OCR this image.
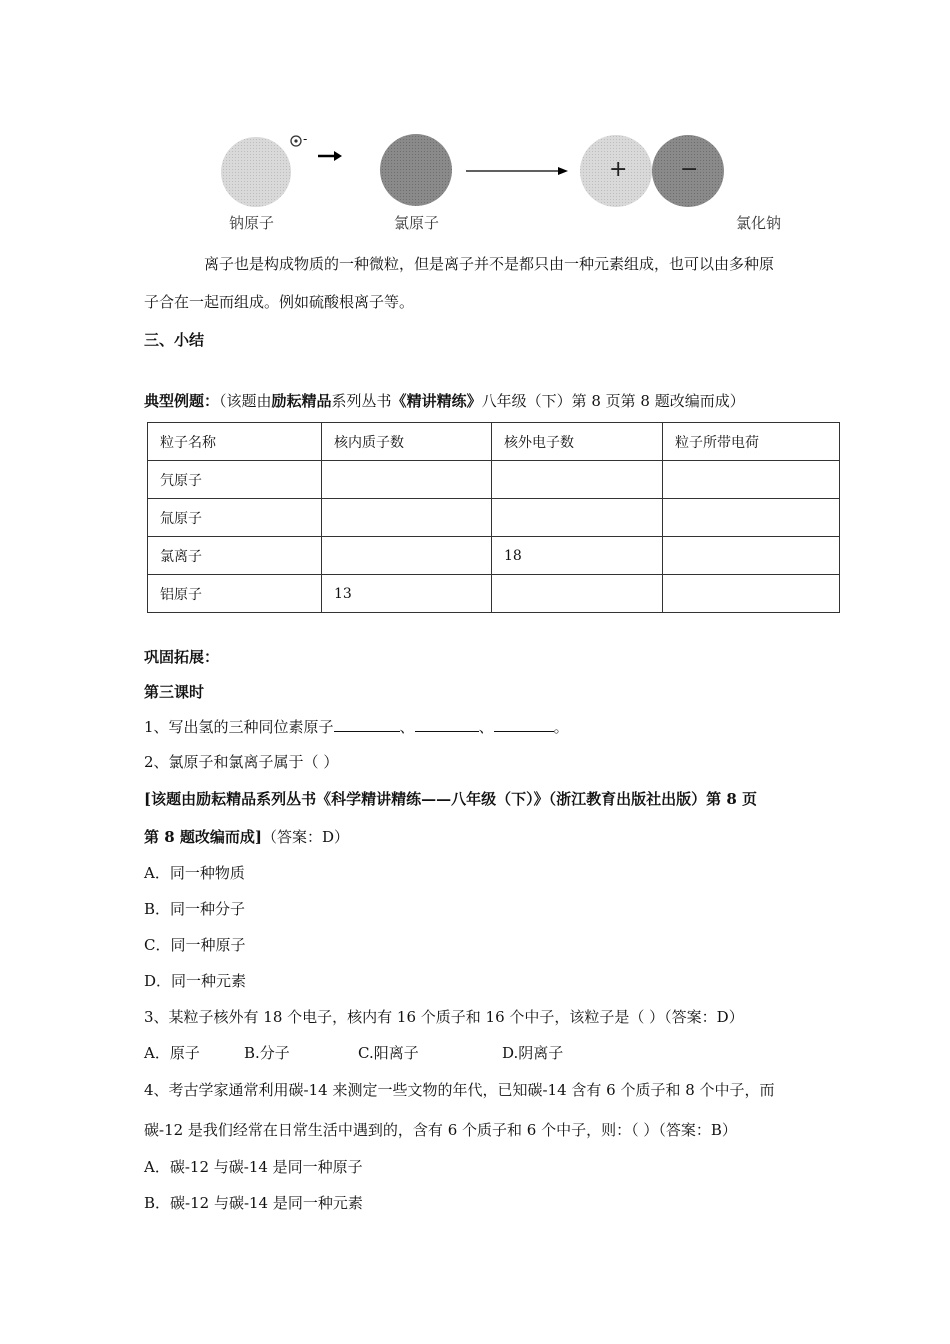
-
+ −
钠原子	氯原子	氯化钠
离子也是构成物质的一种微粒，但是离子并不是都只由一种元素组成，也可以由多种原
子合在一起而组成。例如硫酸根离子等。
三、小结
典型例题：（该题由励耘精品系列丛书《精讲精练》八年级（下）第 8 页第 8 题改编而成）
粒子名称	核内质子数	核外电子数	粒子所带电荷
氕原子			
氚原子			
氯离子		18	
铝原子	13		
巩固拓展：
第三课时
1、写出氢的三种同位素原子	、	、	。
2、氯原子和氯离子属于（ ）
[该题由励耘精品系列丛书《科学精讲精练——八年级（下）》（浙江教育出版社出版）第 8 页
第 8 题改编而成]（答案：D）
A．同一种物质
B．同一种分子
C．同一种原子
D．同一种元素
3、某粒子核外有 18 个电子，核内有 16 个质子和 16 个中子，该粒子是（ ）（答案：D）
A．原子	B.分子	C.阳离子	D.阴离子
4、考古学家通常利用碳-14 来测定一些文物的年代，已知碳-14 含有 6 个质子和 8 个中子，而
碳-12 是我们经常在日常生活中遇到的，含有 6 个质子和 6 个中子，则：（ ）（答案：B）
A．碳-12 与碳-14 是同一种原子
B．碳-12 与碳-14 是同一种元素
